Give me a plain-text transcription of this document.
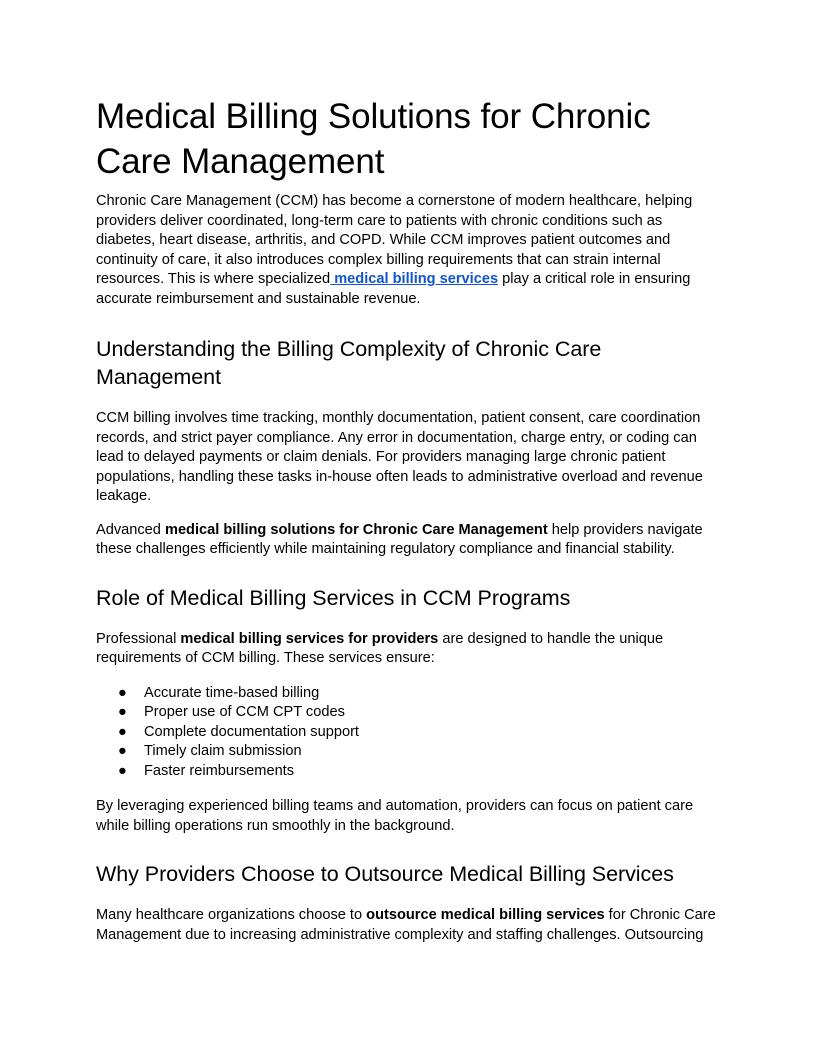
Medical Billing Solutions for Chronic Care Management

Chronic Care Management (CCM) has become a cornerstone of modern healthcare, helping providers deliver coordinated, long-term care to patients with chronic conditions such as diabetes, heart disease, arthritis, and COPD. While CCM improves patient outcomes and continuity of care, it also introduces complex billing requirements that can strain internal resources. This is where specialized medical billing services play a critical role in ensuring accurate reimbursement and sustainable revenue.

Understanding the Billing Complexity of Chronic Care Management

CCM billing involves time tracking, monthly documentation, patient consent, care coordination records, and strict payer compliance. Any error in documentation, charge entry, or coding can lead to delayed payments or claim denials. For providers managing large chronic patient populations, handling these tasks in-house often leads to administrative overload and revenue leakage.

Advanced medical billing solutions for Chronic Care Management help providers navigate these challenges efficiently while maintaining regulatory compliance and financial stability.

Role of Medical Billing Services in CCM Programs

Professional medical billing services for providers are designed to handle the unique requirements of CCM billing. These services ensure:

● Accurate time-based billing
● Proper use of CCM CPT codes
● Complete documentation support
● Timely claim submission
● Faster reimbursements

By leveraging experienced billing teams and automation, providers can focus on patient care while billing operations run smoothly in the background.

Why Providers Choose to Outsource Medical Billing Services

Many healthcare organizations choose to outsource medical billing services for Chronic Care Management due to increasing administrative complexity and staffing challenges. Outsourcing
